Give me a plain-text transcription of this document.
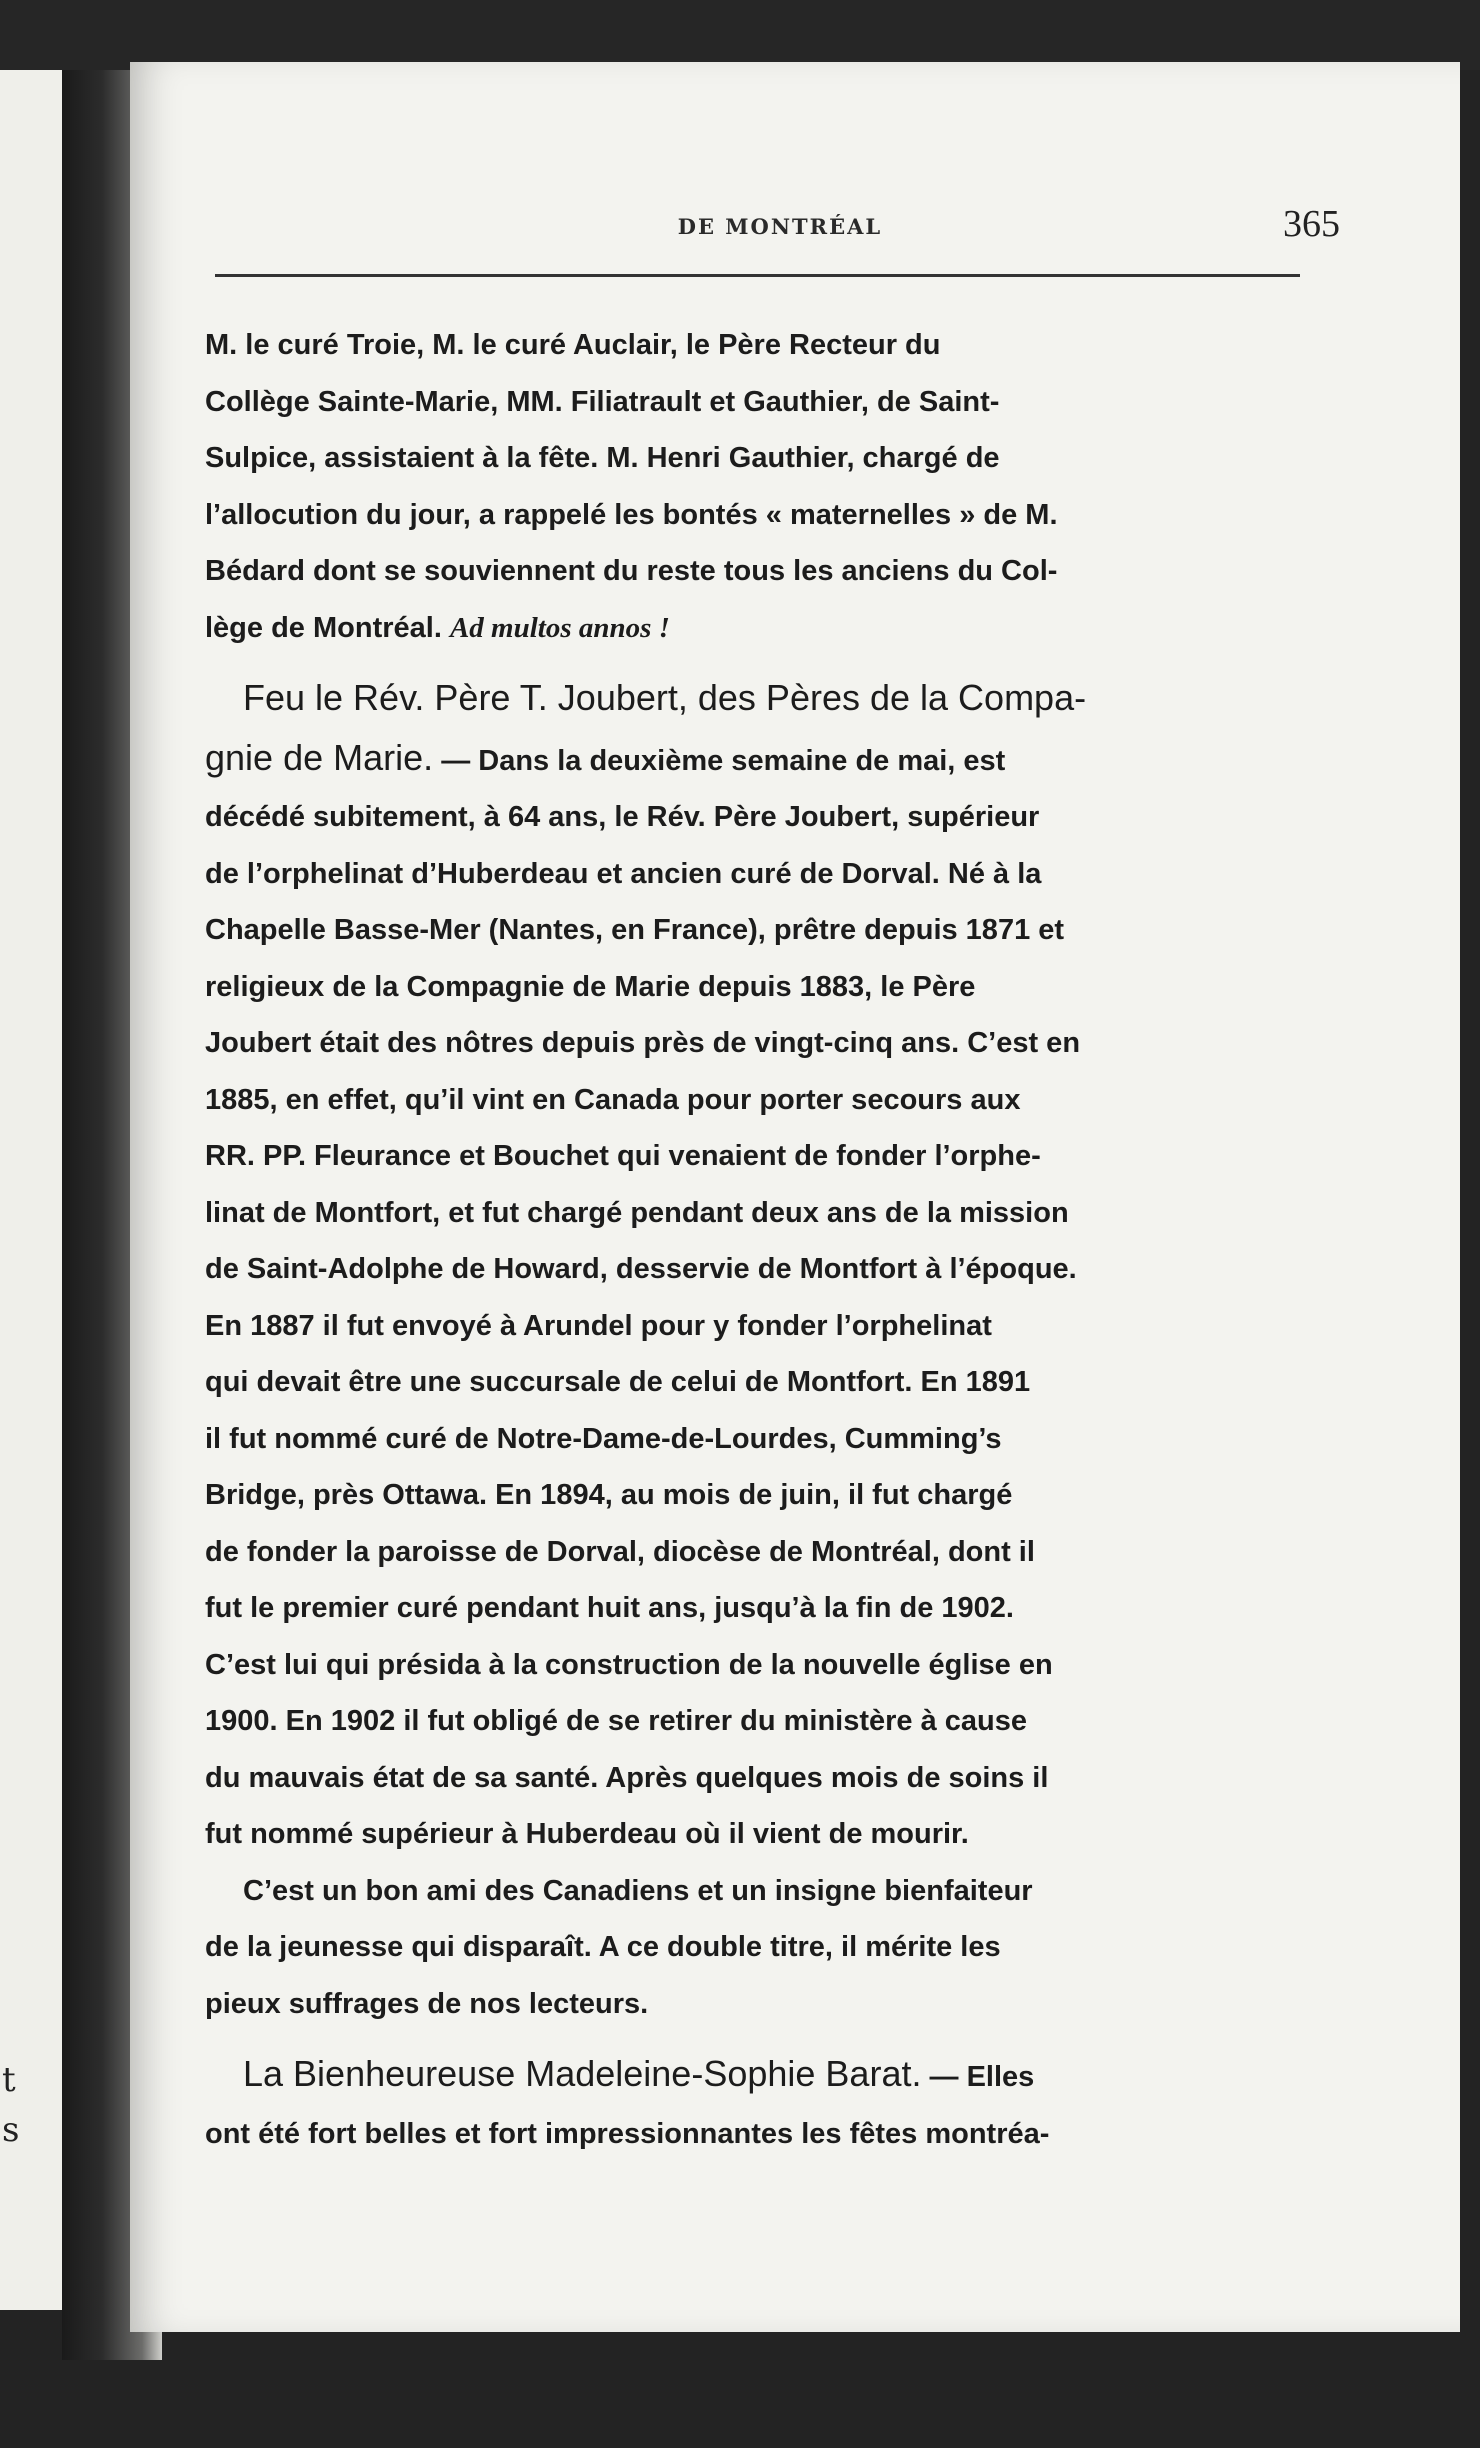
t
s
DE MONTRÉAL	365

M. le curé Troie, M. le curé Auclair, le Père Recteur du
Collège Sainte-Marie, MM. Filiatrault et Gauthier, de Saint-
Sulpice, assistaient à la fête. M. Henri Gauthier, chargé de
l’allocution du jour, a rappelé les bontés « maternelles » de M.
Bédard dont se souviennent du reste tous les anciens du Col-
lège de Montréal. Ad multos annos !

Feu le Rév. Père T. Joubert, des Pères de la Compa-
gnie de Marie. — Dans la deuxième semaine de mai, est
décédé subitement, à 64 ans, le Rév. Père Joubert, supérieur
de l’orphelinat d’Huberdeau et ancien curé de Dorval. Né à la
Chapelle Basse-Mer (Nantes, en France), prêtre depuis 1871 et
religieux de la Compagnie de Marie depuis 1883, le Père
Joubert était des nôtres depuis près de vingt-cinq ans. C’est en
1885, en effet, qu’il vint en Canada pour porter secours aux
RR. PP. Fleurance et Bouchet qui venaient de fonder l’orphe-
linat de Montfort, et fut chargé pendant deux ans de la mission
de Saint-Adolphe de Howard, desservie de Montfort à l’époque.
En 1887 il fut envoyé à Arundel pour y fonder l’orphelinat
qui devait être une succursale de celui de Montfort. En 1891
il fut nommé curé de Notre-Dame-de-Lourdes, Cumming’s
Bridge, près Ottawa. En 1894, au mois de juin, il fut chargé
de fonder la paroisse de Dorval, diocèse de Montréal, dont il
fut le premier curé pendant huit ans, jusqu’à la fin de 1902.
C’est lui qui présida à la construction de la nouvelle église en
1900. En 1902 il fut obligé de se retirer du ministère à cause
du mauvais état de sa santé. Après quelques mois de soins il
fut nommé supérieur à Huberdeau où il vient de mourir.

C’est un bon ami des Canadiens et un insigne bienfaiteur
de la jeunesse qui disparaît. A ce double titre, il mérite les
pieux suffrages de nos lecteurs.

La Bienheureuse Madeleine-Sophie Barat. — Elles
ont été fort belles et fort impressionnantes les fêtes montréa-
